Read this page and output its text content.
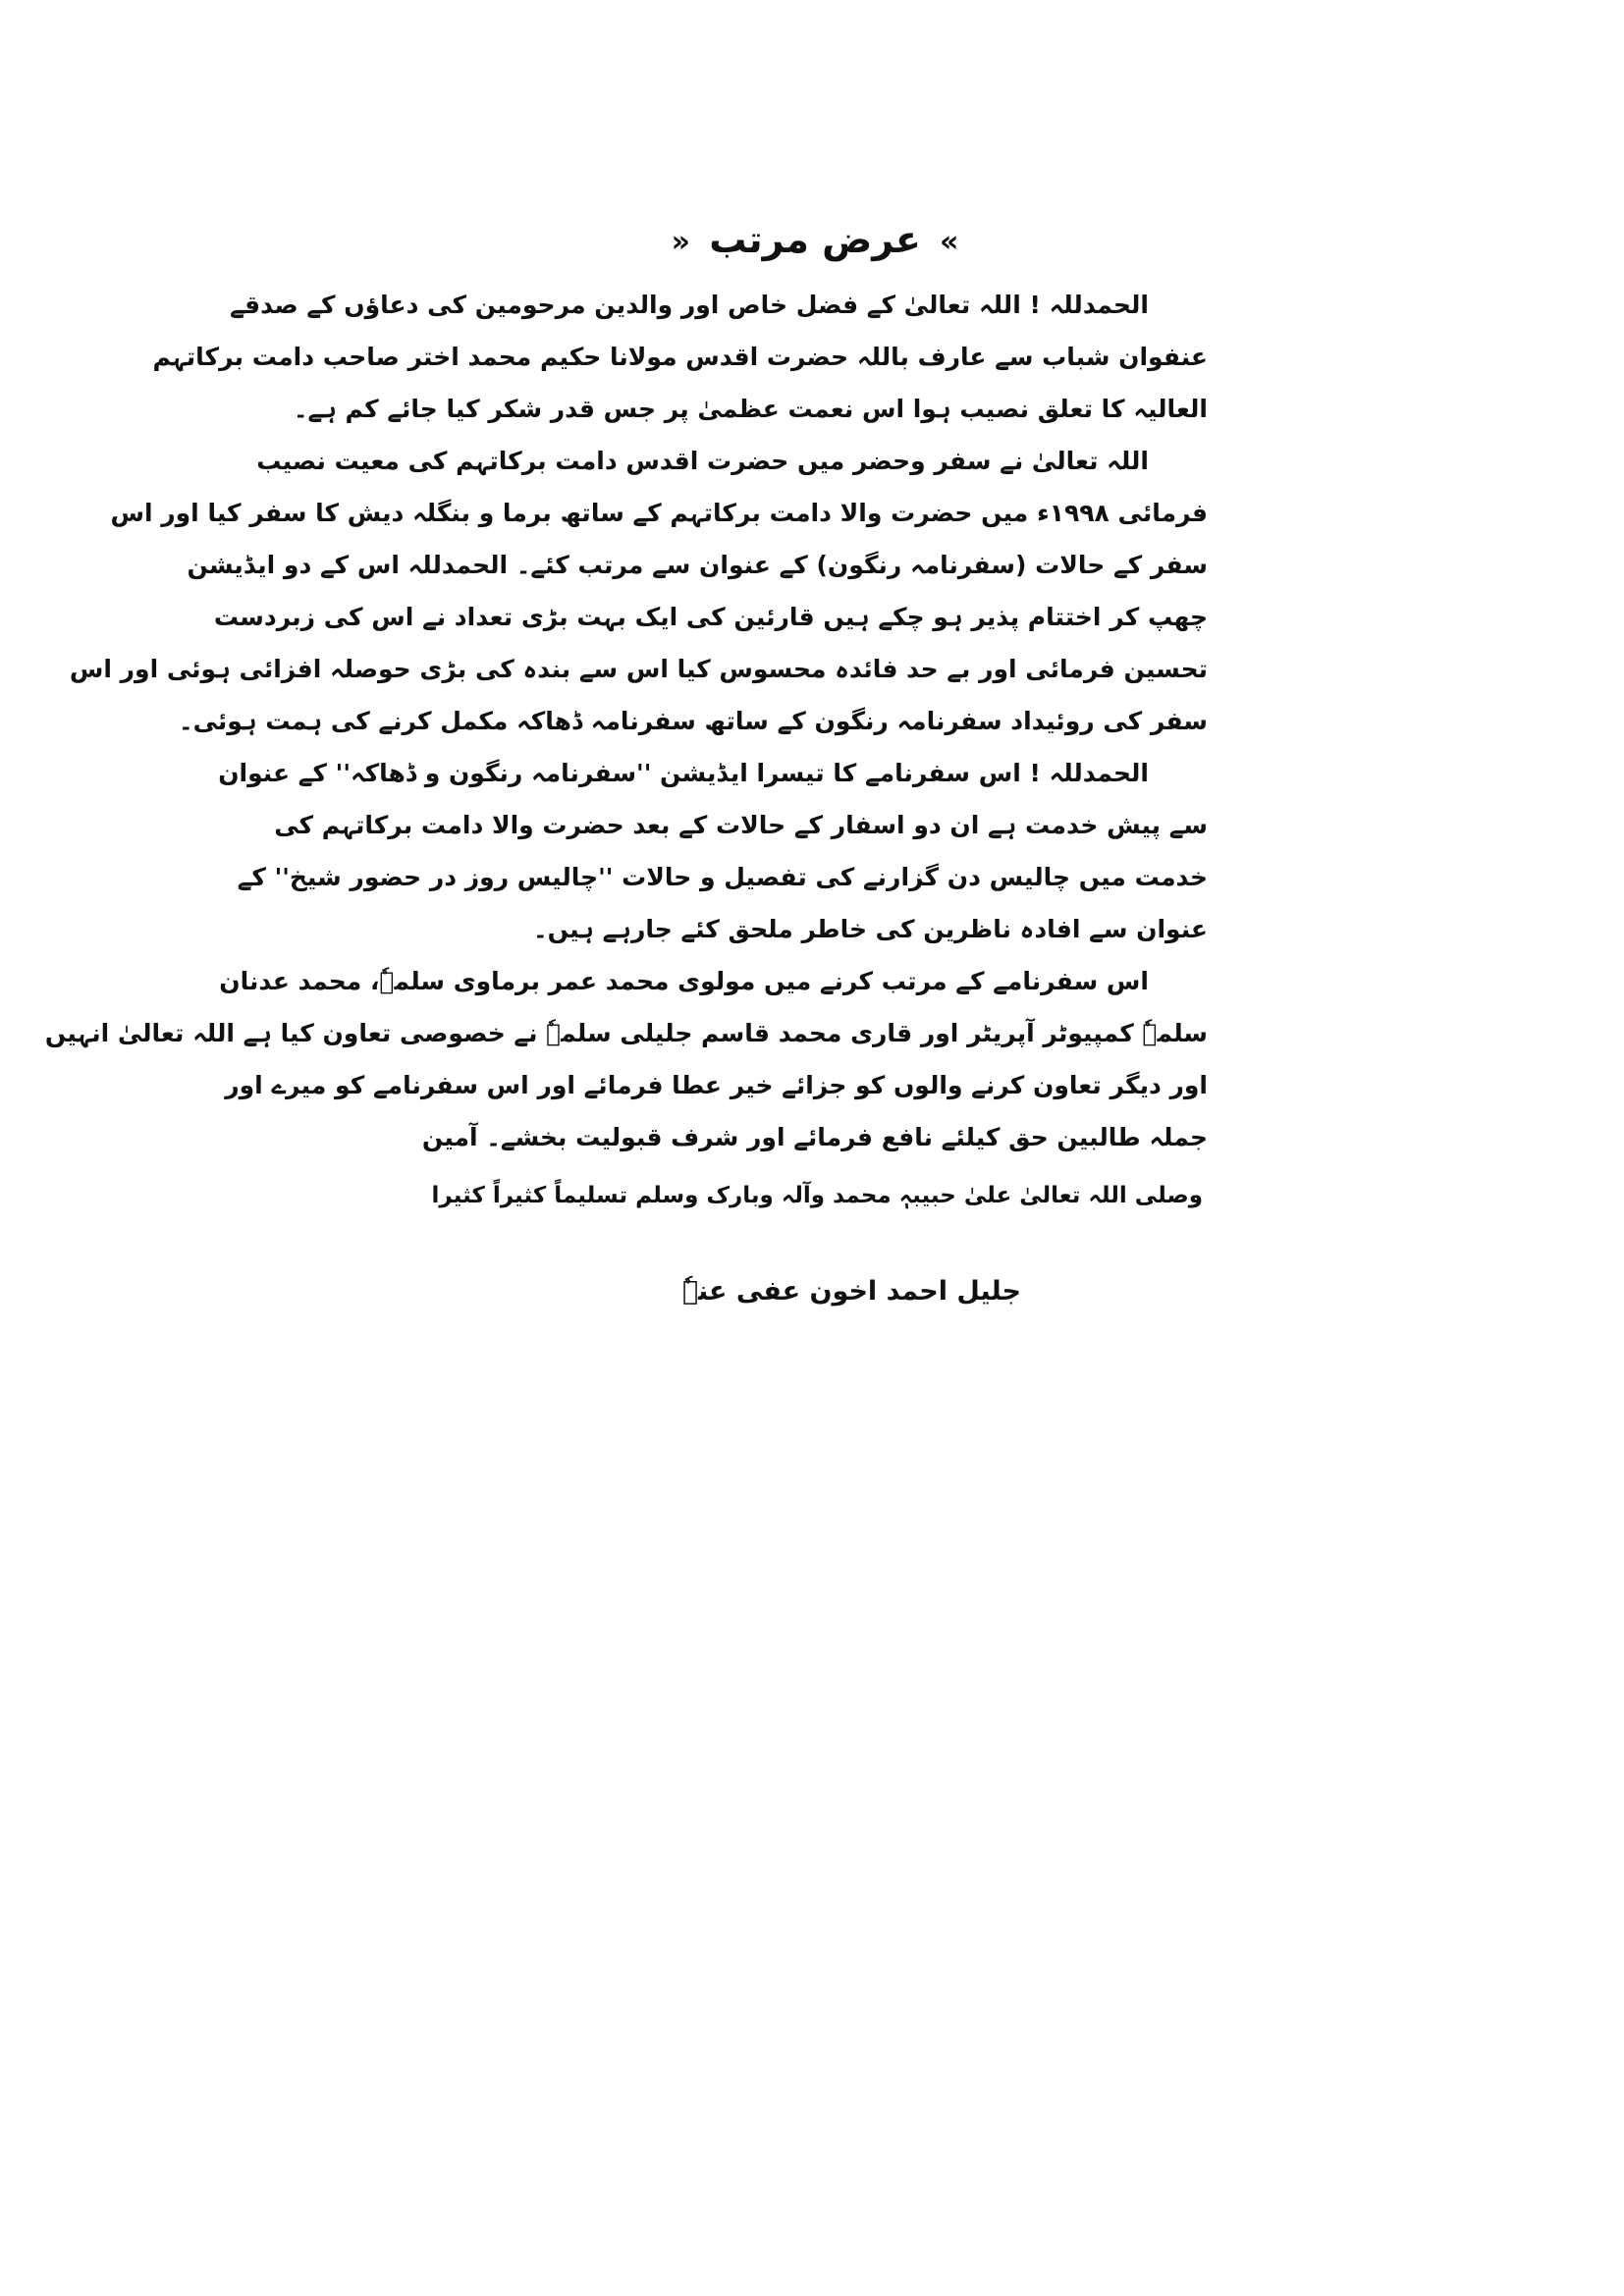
» عرض مرتب «
الحمدللہ ! اللہ تعالیٰ کے فضل خاص اور والدین مرحومین کی دعاؤں کے صدقے
عنفوان شباب سے عارف باللہ حضرت اقدس مولانا حکیم محمد اختر صاحب دامت برکاتہم
العالیہ کا تعلق نصیب ہوا اس نعمت عظمیٰ پر جس قدر شکر کیا جائے کم ہے۔
اللہ تعالیٰ نے سفر وحضر میں حضرت اقدس دامت برکاتہم کی معیت نصیب
فرمائی ۱۹۹۸ء میں حضرت والا دامت برکاتہم کے ساتھ برما و بنگلہ دیش کا سفر کیا اور اس
سفر کے حالات (سفرنامہ رنگون) کے عنوان سے مرتب کئے۔ الحمدللہ اس کے دو ایڈیشن
چھپ کر اختتام پذیر ہو چکے ہیں قارئین کی ایک بہت بڑی تعداد نے اس کی زبردست
تحسین فرمائی اور بے حد فائدہ محسوس کیا اس سے بندہ کی بڑی حوصلہ افزائی ہوئی اور اس
سفر کی روئیداد سفرنامہ رنگون کے ساتھ سفرنامہ ڈھاکہ مکمل کرنے کی ہمت ہوئی۔
الحمدللہ ! اس سفرنامے کا تیسرا ایڈیشن ''سفرنامہ رنگون و ڈھاکہ'' کے عنوان
سے پیش خدمت ہے ان دو اسفار کے حالات کے بعد حضرت والا دامت برکاتہم کی
خدمت میں چالیس دن گزارنے کی تفصیل و حالات ''چالیس روز در حضور شیخ'' کے
عنوان سے افادہ ناظرین کی خاطر ملحق کئے جارہے ہیں۔
اس سفرنامے کے مرتب کرنے میں مولوی محمد عمر برماوی سلمہٗ، محمد عدنان
سلمہٗ کمپیوٹر آپریٹر اور قاری محمد قاسم جلیلی سلمہٗ نے خصوصی تعاون کیا ہے اللہ تعالیٰ انہیں
اور دیگر تعاون کرنے والوں کو جزائے خیر عطا فرمائے اور اس سفرنامے کو میرے اور
جملہ طالبین حق کیلئے نافع فرمائے اور شرف قبولیت بخشے۔ آمین
وصلی اللہ تعالیٰ علیٰ حبیبہٖ محمد وآلہ وبارک وسلم تسلیماً کثیراً کثیرا
جلیل احمد اخون عفی عنہٗ
